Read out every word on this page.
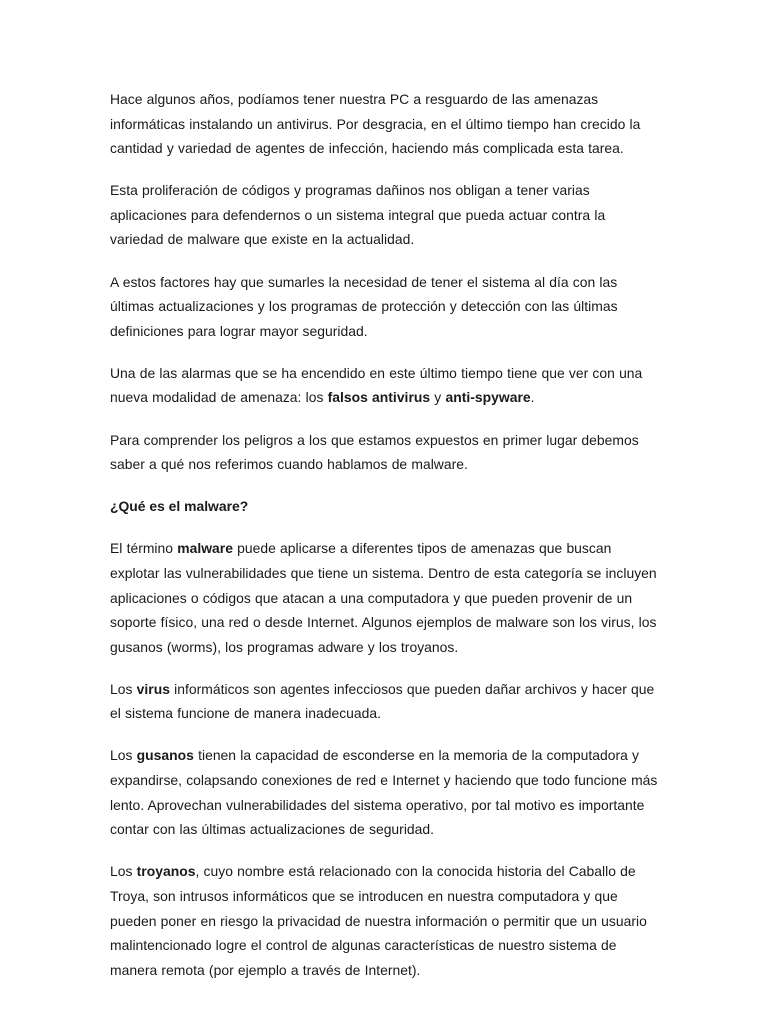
Hace algunos años, podíamos tener nuestra PC a resguardo de las amenazas informáticas instalando un antivirus. Por desgracia, en el último tiempo han crecido la cantidad y variedad de agentes de infección, haciendo más complicada esta tarea.

Esta proliferación de códigos y programas dañinos nos obligan a tener varias aplicaciones para defendernos o un sistema integral que pueda actuar contra la variedad de malware que existe en la actualidad.

A estos factores hay que sumarles la necesidad de tener el sistema al día con las últimas actualizaciones y los programas de protección y detección con las últimas definiciones para lograr mayor seguridad.

Una de las alarmas que se ha encendido en este último tiempo tiene que ver con una nueva modalidad de amenaza: los falsos antivirus y anti-spyware.

Para comprender los peligros a los que estamos expuestos en primer lugar debemos saber a qué nos referimos cuando hablamos de malware.

¿Qué es el malware?

El término malware puede aplicarse a diferentes tipos de amenazas que buscan explotar las vulnerabilidades que tiene un sistema. Dentro de esta categoría se incluyen aplicaciones o códigos que atacan a una computadora y que pueden provenir de un soporte físico, una red o desde Internet. Algunos ejemplos de malware son los virus, los gusanos (worms), los programas adware y los troyanos.

Los virus informáticos son agentes infecciosos que pueden dañar archivos y hacer que el sistema funcione de manera inadecuada.

Los gusanos tienen la capacidad de esconderse en la memoria de la computadora y expandirse, colapsando conexiones de red e Internet y haciendo que todo funcione más lento. Aprovechan vulnerabilidades del sistema operativo, por tal motivo es importante contar con las últimas actualizaciones de seguridad.

Los troyanos, cuyo nombre está relacionado con la conocida historia del Caballo de Troya, son intrusos informáticos que se introducen en nuestra computadora y que pueden poner en riesgo la privacidad de nuestra información o permitir que un usuario malintencionado logre el control de algunas características de nuestro sistema de manera remota (por ejemplo a través de Internet).
